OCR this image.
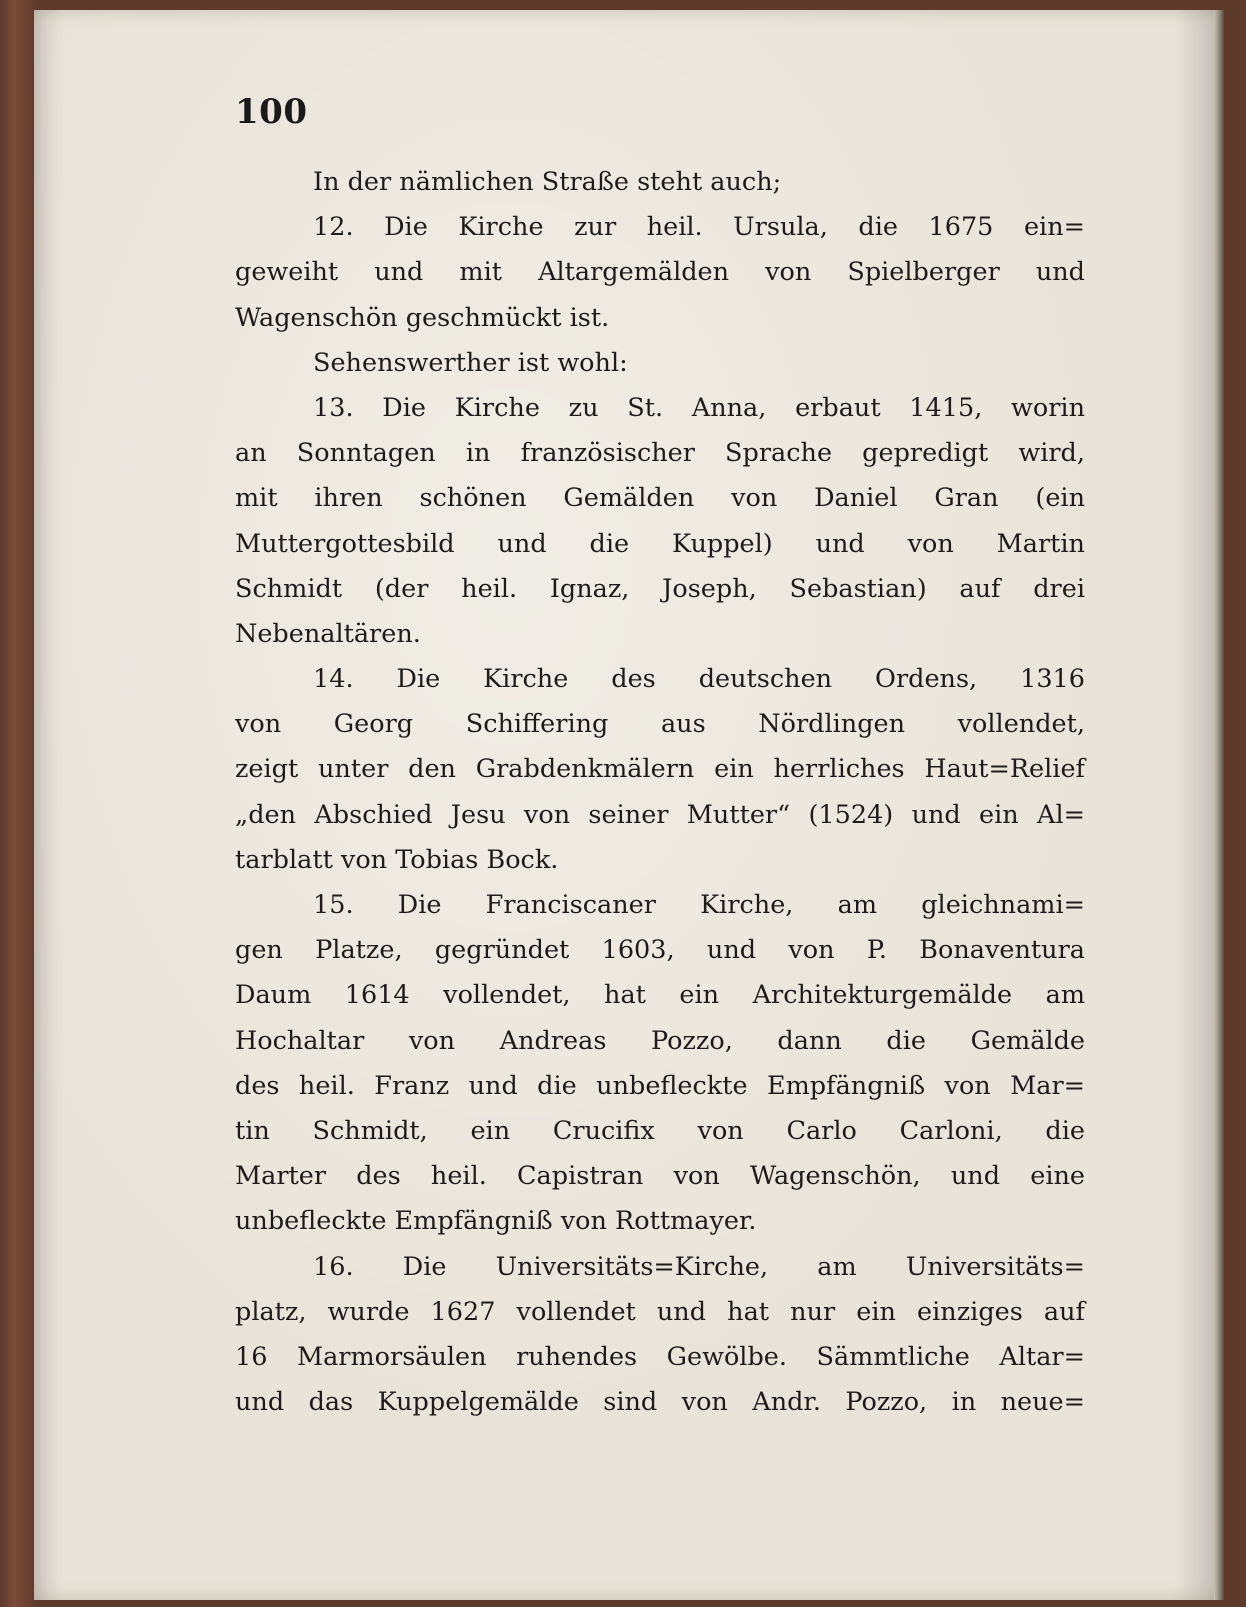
100
In der nämlichen Straße steht auch;
12. Die Kirche zur heil. Ursula, die 1675 ein=
geweiht und mit Altargemälden von Spielberger und
Wagenschön geschmückt ist.
Sehenswerther ist wohl:
13. Die Kirche zu St. Anna, erbaut 1415, worin
an Sonntagen in französischer Sprache gepredigt wird,
mit ihren schönen Gemälden von Daniel Gran (ein
Muttergottesbild und die Kuppel) und von Martin
Schmidt (der heil. Ignaz, Joseph, Sebastian) auf drei
Nebenaltären.
14. Die Kirche des deutschen Ordens, 1316
von Georg Schiffering aus Nördlingen vollendet,
zeigt unter den Grabdenkmälern ein herrliches Haut=Relief
„den Abschied Jesu von seiner Mutter“ (1524) und ein Al=
tarblatt von Tobias Bock.
15. Die Franciscaner Kirche, am gleichnami=
gen Platze, gegründet 1603, und von P. Bonaventura
Daum 1614 vollendet, hat ein Architekturgemälde am
Hochaltar von Andreas Pozzo, dann die Gemälde
des heil. Franz und die unbefleckte Empfängniß von Mar=
tin Schmidt, ein Crucifix von Carlo Carloni, die
Marter des heil. Capistran von Wagenschön, und eine
unbefleckte Empfängniß von Rottmayer.
16. Die Universitäts=Kirche, am Universitäts=
platz, wurde 1627 vollendet und hat nur ein einziges auf
16 Marmorsäulen ruhendes Gewölbe. Sämmtliche Altar=
und das Kuppelgemälde sind von Andr. Pozzo, in neue=
